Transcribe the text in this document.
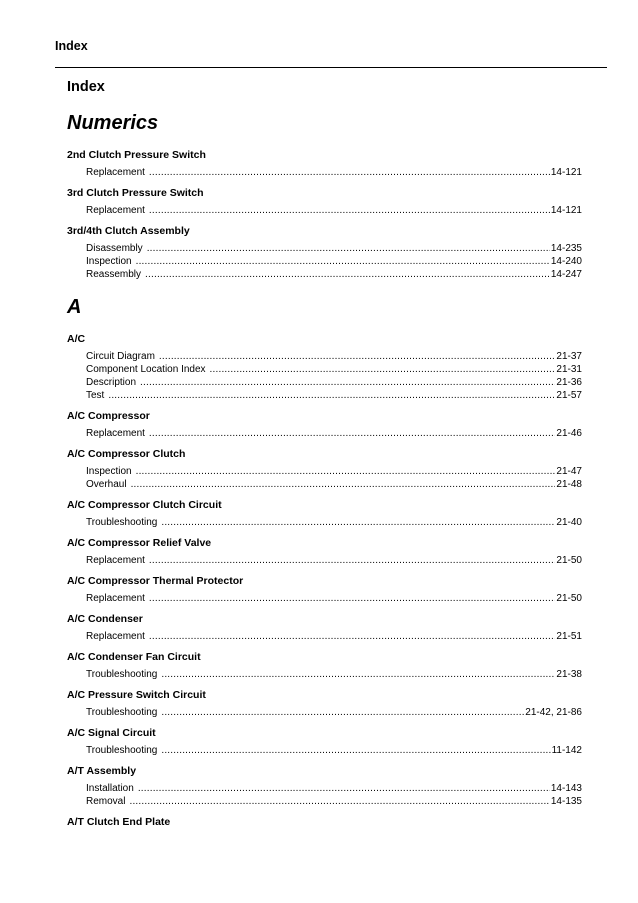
Index
Index
Numerics
2nd Clutch Pressure Switch
Replacement .....	14-121
3rd Clutch Pressure Switch
Replacement .....	14-121
3rd/4th Clutch Assembly
Disassembly .....	14-235
Inspection .....	14-240
Reassembly .....	14-247
A
A/C
Circuit Diagram .....	21-37
Component Location Index .....	21-31
Description .....	21-36
Test .....	21-57
A/C Compressor
Replacement .....	21-46
A/C Compressor Clutch
Inspection .....	21-47
Overhaul .....	21-48
A/C Compressor Clutch Circuit
Troubleshooting .....	21-40
A/C Compressor Relief Valve
Replacement .....	21-50
A/C Compressor Thermal Protector
Replacement .....	21-50
A/C Condenser
Replacement .....	21-51
A/C Condenser Fan Circuit
Troubleshooting .....	21-38
A/C Pressure Switch Circuit
Troubleshooting .....	21-42, 21-86
A/C Signal Circuit
Troubleshooting .....	11-142
A/T Assembly
Installation .....	14-143
Removal .....	14-135
A/T Clutch End Plate
